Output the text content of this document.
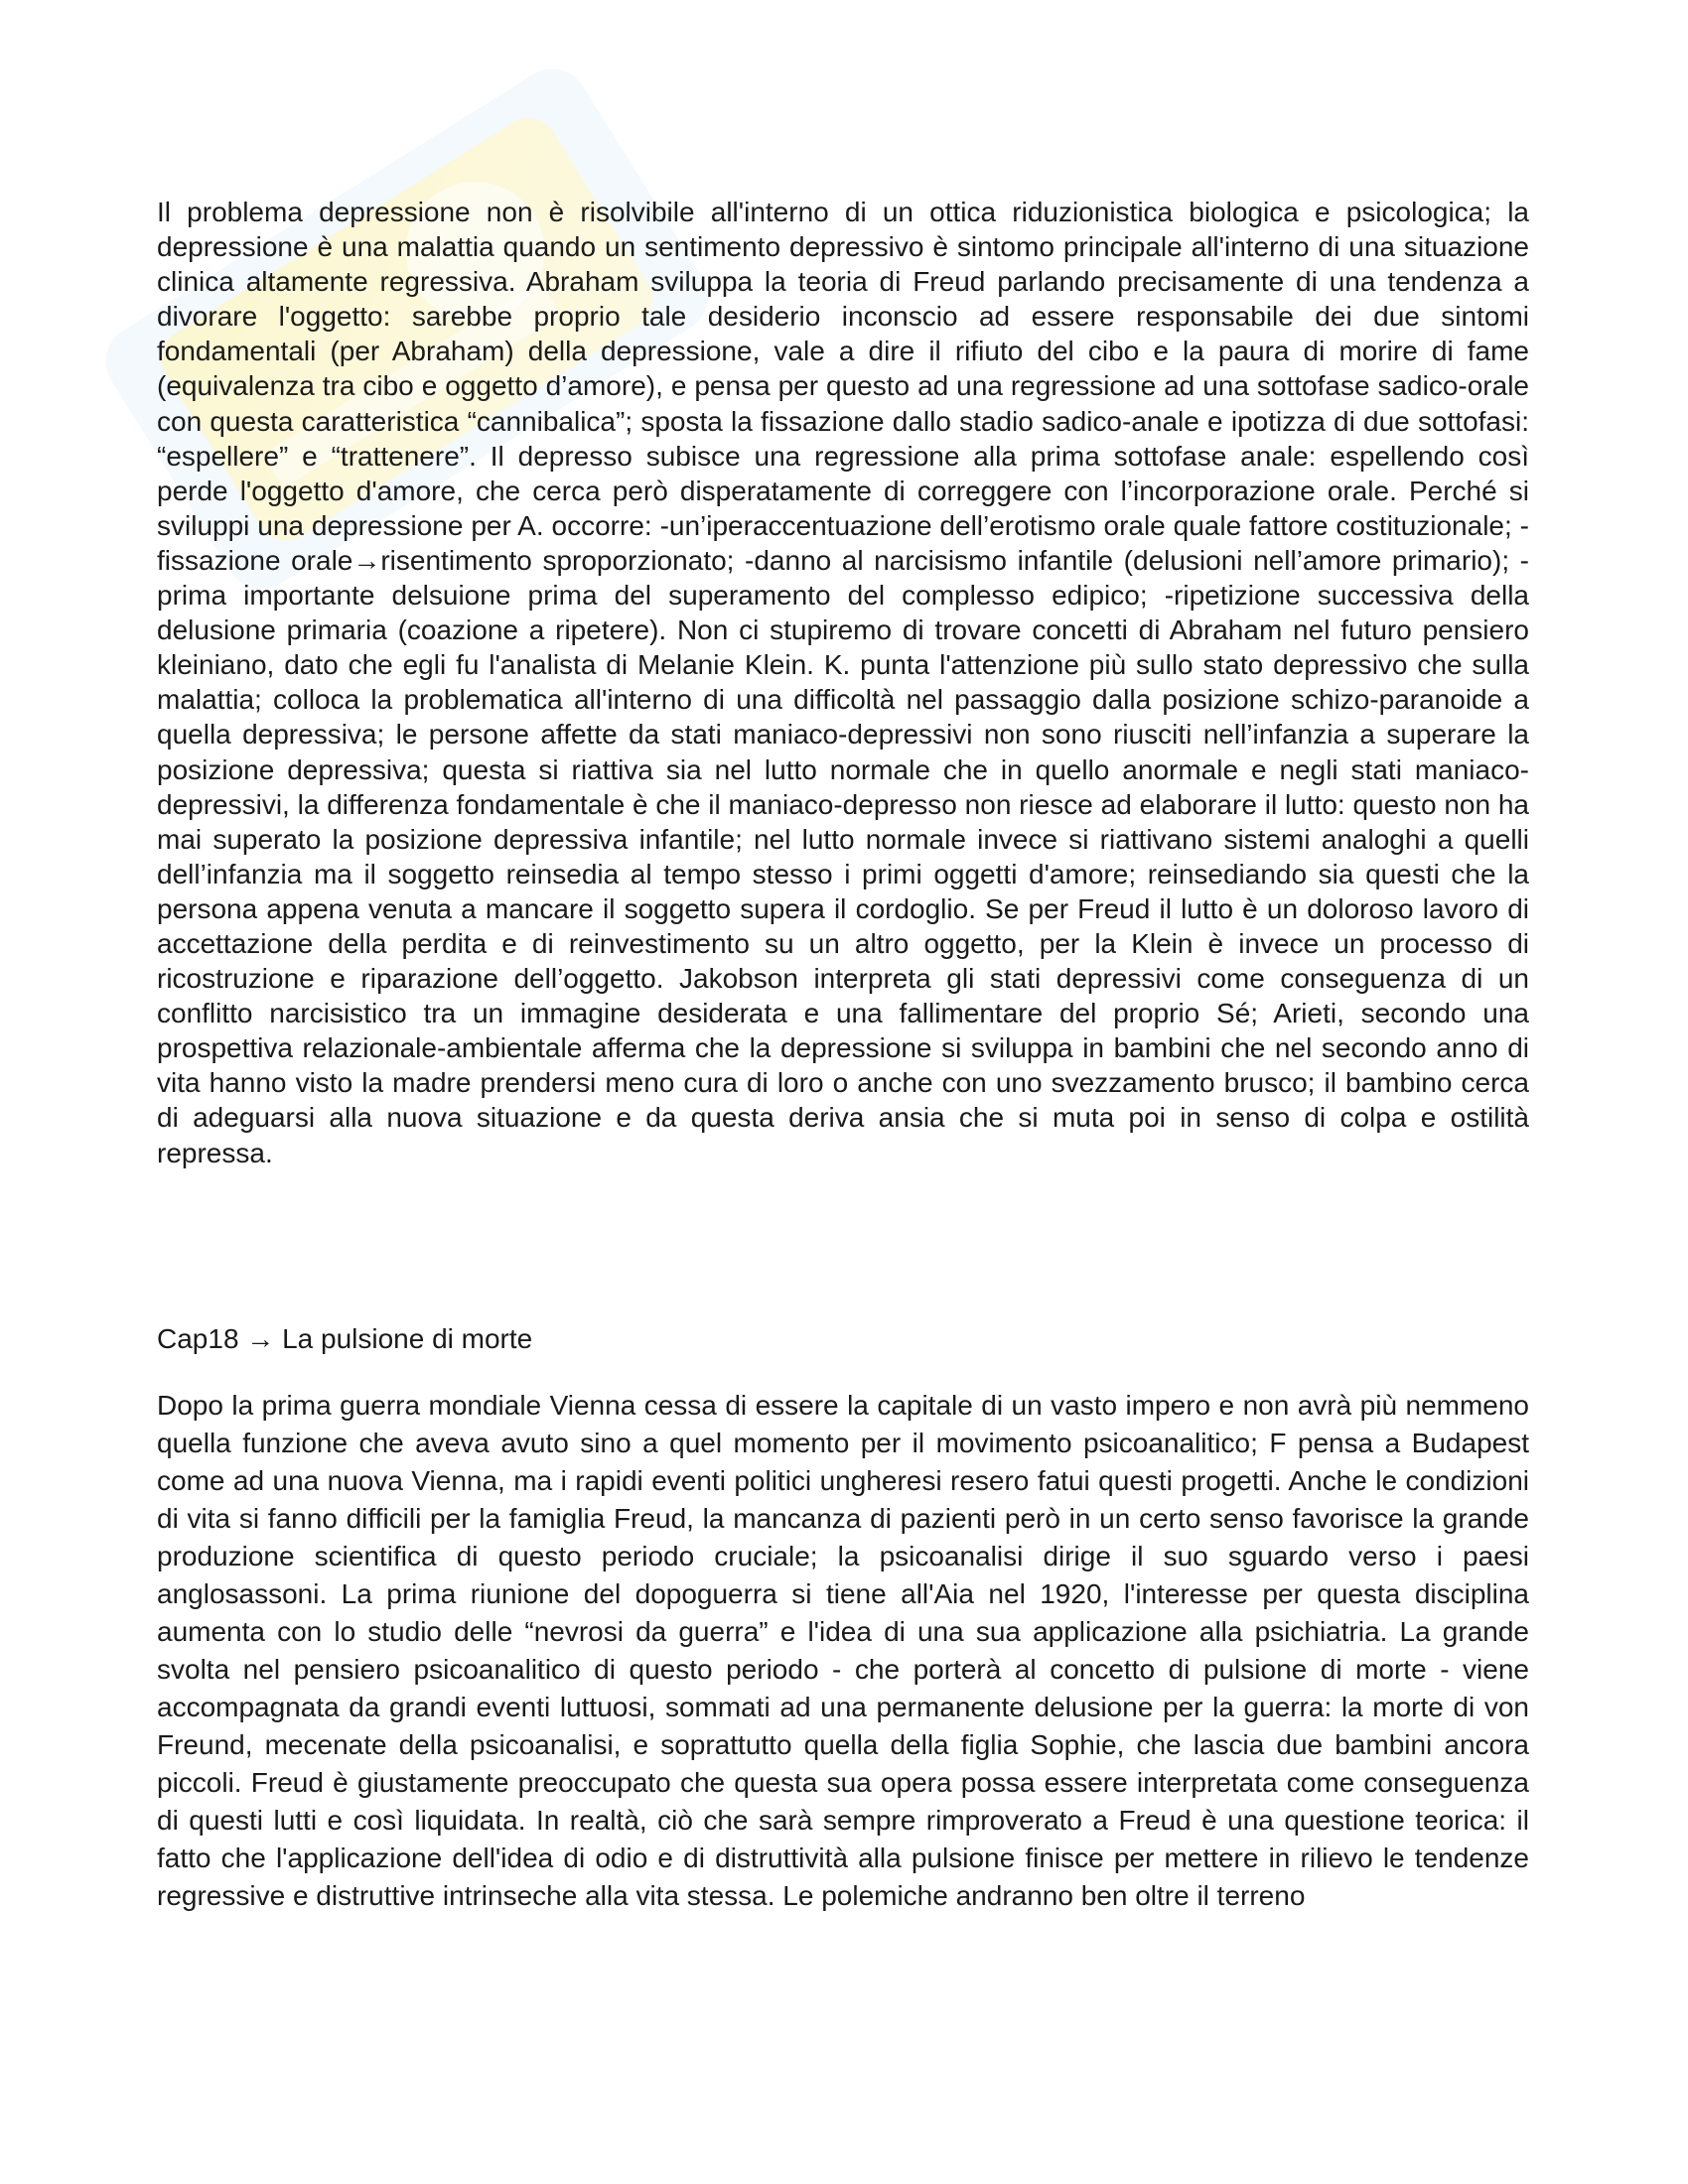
Il problema depressione non è risolvibile all'interno di un ottica riduzionistica biologica e psicologica; la depressione è una malattia quando un sentimento depressivo è sintomo principale all'interno di una situazione clinica altamente regressiva. Abraham sviluppa la teoria di Freud parlando precisamente di una tendenza a divorare l'oggetto: sarebbe proprio tale desiderio inconscio ad essere responsabile dei due sintomi fondamentali (per Abraham) della depressione, vale a dire il rifiuto del cibo e la paura di morire di fame (equivalenza tra cibo e oggetto d’amore), e pensa per questo ad una regressione ad una sottofase sadico-orale con questa caratteristica “cannibalica”; sposta la fissazione dallo stadio sadico-anale e ipotizza di due sottofasi: “espellere” e “trattenere”. Il depresso subisce una regressione alla prima sottofase anale: espellendo così perde l'oggetto d'amore, che cerca però disperatamente di correggere con l’incorporazione orale. Perché si sviluppi una depressione per A. occorre: -un’iperaccentuazione dell’erotismo orale quale fattore costituzionale; -fissazione orale→risentimento sproporzionato; -danno al narcisismo infantile (delusioni nell’amore primario); -prima importante delsuione prima del superamento del complesso edipico; -ripetizione successiva della delusione primaria (coazione a ripetere). Non ci stupiremo di trovare concetti di Abraham nel futuro pensiero kleiniano, dato che egli fu l'analista di Melanie Klein. K. punta l'attenzione più sullo stato depressivo che sulla malattia; colloca la problematica all'interno di una difficoltà nel passaggio dalla posizione schizo-paranoide a quella depressiva; le persone affette da stati maniaco-depressivi non sono riusciti nell’infanzia a superare la posizione depressiva; questa si riattiva sia nel lutto normale che in quello anormale e negli stati maniaco-depressivi, la differenza fondamentale è che il maniaco-depresso non riesce ad elaborare il lutto: questo non ha mai superato la posizione depressiva infantile; nel lutto normale invece si riattivano sistemi analoghi a quelli dell’infanzia ma il soggetto reinsedia al tempo stesso i primi oggetti d'amore; reinsediando sia questi che la persona appena venuta a mancare il soggetto supera il cordoglio. Se per Freud il lutto è un doloroso lavoro di accettazione della perdita e di reinvestimento su un altro oggetto, per la Klein è invece un processo di ricostruzione e riparazione dell’oggetto. Jakobson interpreta gli stati depressivi come conseguenza di un conflitto narcisistico tra un immagine desiderata e una fallimentare del proprio Sé; Arieti, secondo una prospettiva relazionale-ambientale afferma che la depressione si sviluppa in bambini che nel secondo anno di vita hanno visto la madre prendersi meno cura di loro o anche con uno svezzamento brusco; il bambino cerca di adeguarsi alla nuova situazione e da questa deriva ansia che si muta poi in senso di colpa e ostilità repressa.

Cap18 → La pulsione di morte

Dopo la prima guerra mondiale Vienna cessa di essere la capitale di un vasto impero e non avrà più nemmeno quella funzione che aveva avuto sino a quel momento per il movimento psicoanalitico; F pensa a Budapest come ad una nuova Vienna, ma i rapidi eventi politici ungheresi resero fatui questi progetti. Anche le condizioni di vita si fanno difficili per la famiglia Freud, la mancanza di pazienti però in un certo senso favorisce la grande produzione scientifica di questo periodo cruciale; la psicoanalisi dirige il suo sguardo verso i paesi anglosassoni. La prima riunione del dopoguerra si tiene all'Aia nel 1920, l'interesse per questa disciplina aumenta con lo studio delle “nevrosi da guerra” e l'idea di una sua applicazione alla psichiatria. La grande svolta nel pensiero psicoanalitico di questo periodo - che porterà al concetto di pulsione di morte - viene accompagnata da grandi eventi luttuosi, sommati ad una permanente delusione per la guerra: la morte di von Freund, mecenate della psicoanalisi, e soprattutto quella della figlia Sophie, che lascia due bambini ancora piccoli. Freud è giustamente preoccupato che questa sua opera possa essere interpretata come conseguenza di questi lutti e così liquidata. In realtà, ciò che sarà sempre rimproverato a Freud è una questione teorica: il fatto che l'applicazione dell'idea di odio e di distruttività alla pulsione finisce per mettere in rilievo le tendenze regressive e distruttive intrinseche alla vita stessa. Le polemiche andranno ben oltre il terreno
